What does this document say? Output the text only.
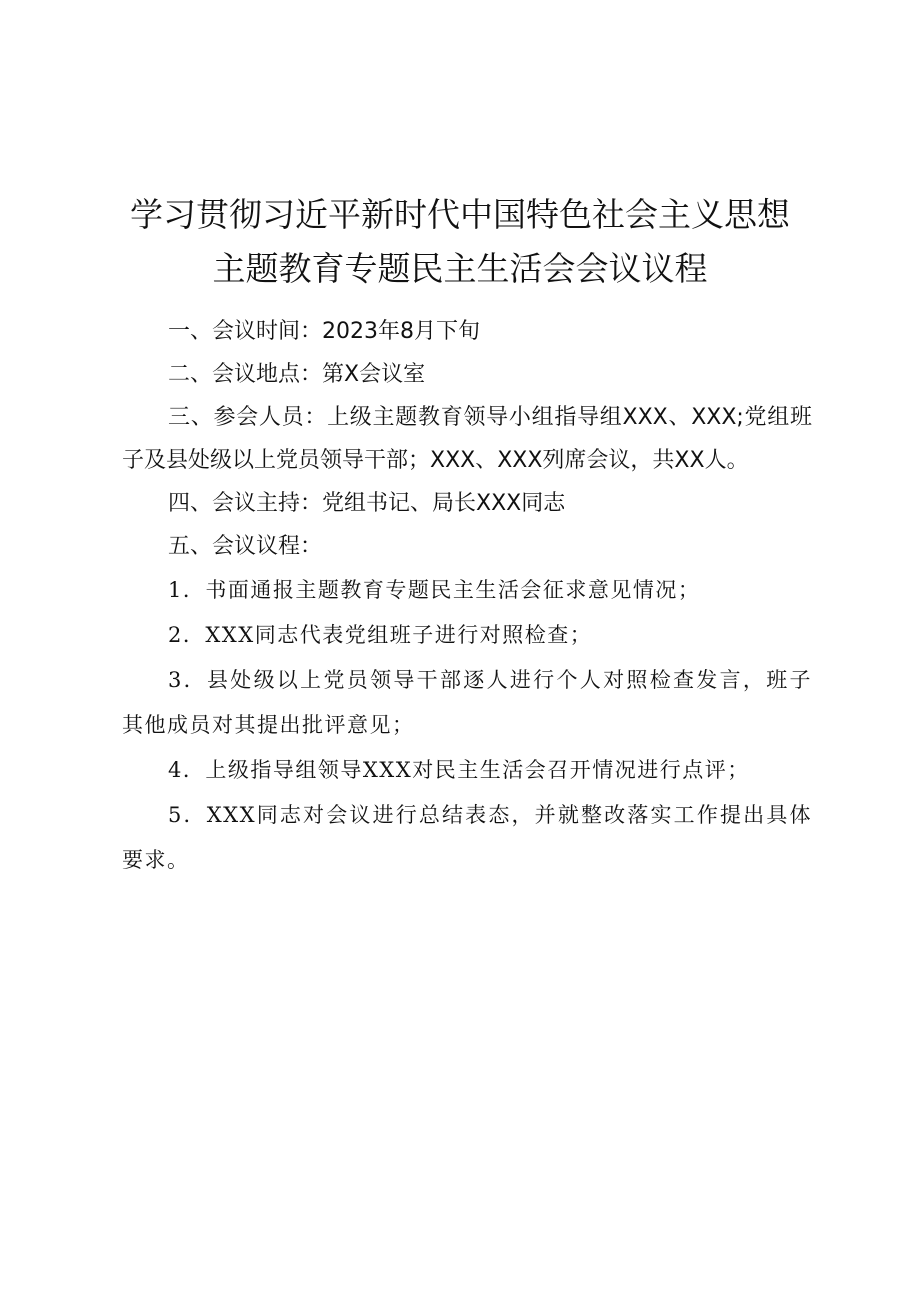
学习贯彻习近平新时代中国特色社会主义思想
主题教育专题民主生活会会议议程

一、会议时间：2023年8月下旬

二、会议地点：第X会议室

三、参会人员：上级主题教育领导小组指导组XXX、XXX;党组班子及县处级以上党员领导干部；XXX、XXX列席会议，共XX人。

四、会议主持：党组书记、局长XXX同志

五、会议议程：

1．书面通报主题教育专题民主生活会征求意见情况；

2．XXX同志代表党组班子进行对照检查；

3．县处级以上党员领导干部逐人进行个人对照检查发言，班子其他成员对其提出批评意见；

4．上级指导组领导XXX对民主生活会召开情况进行点评；

5．XXX同志对会议进行总结表态，并就整改落实工作提出具体要求。
